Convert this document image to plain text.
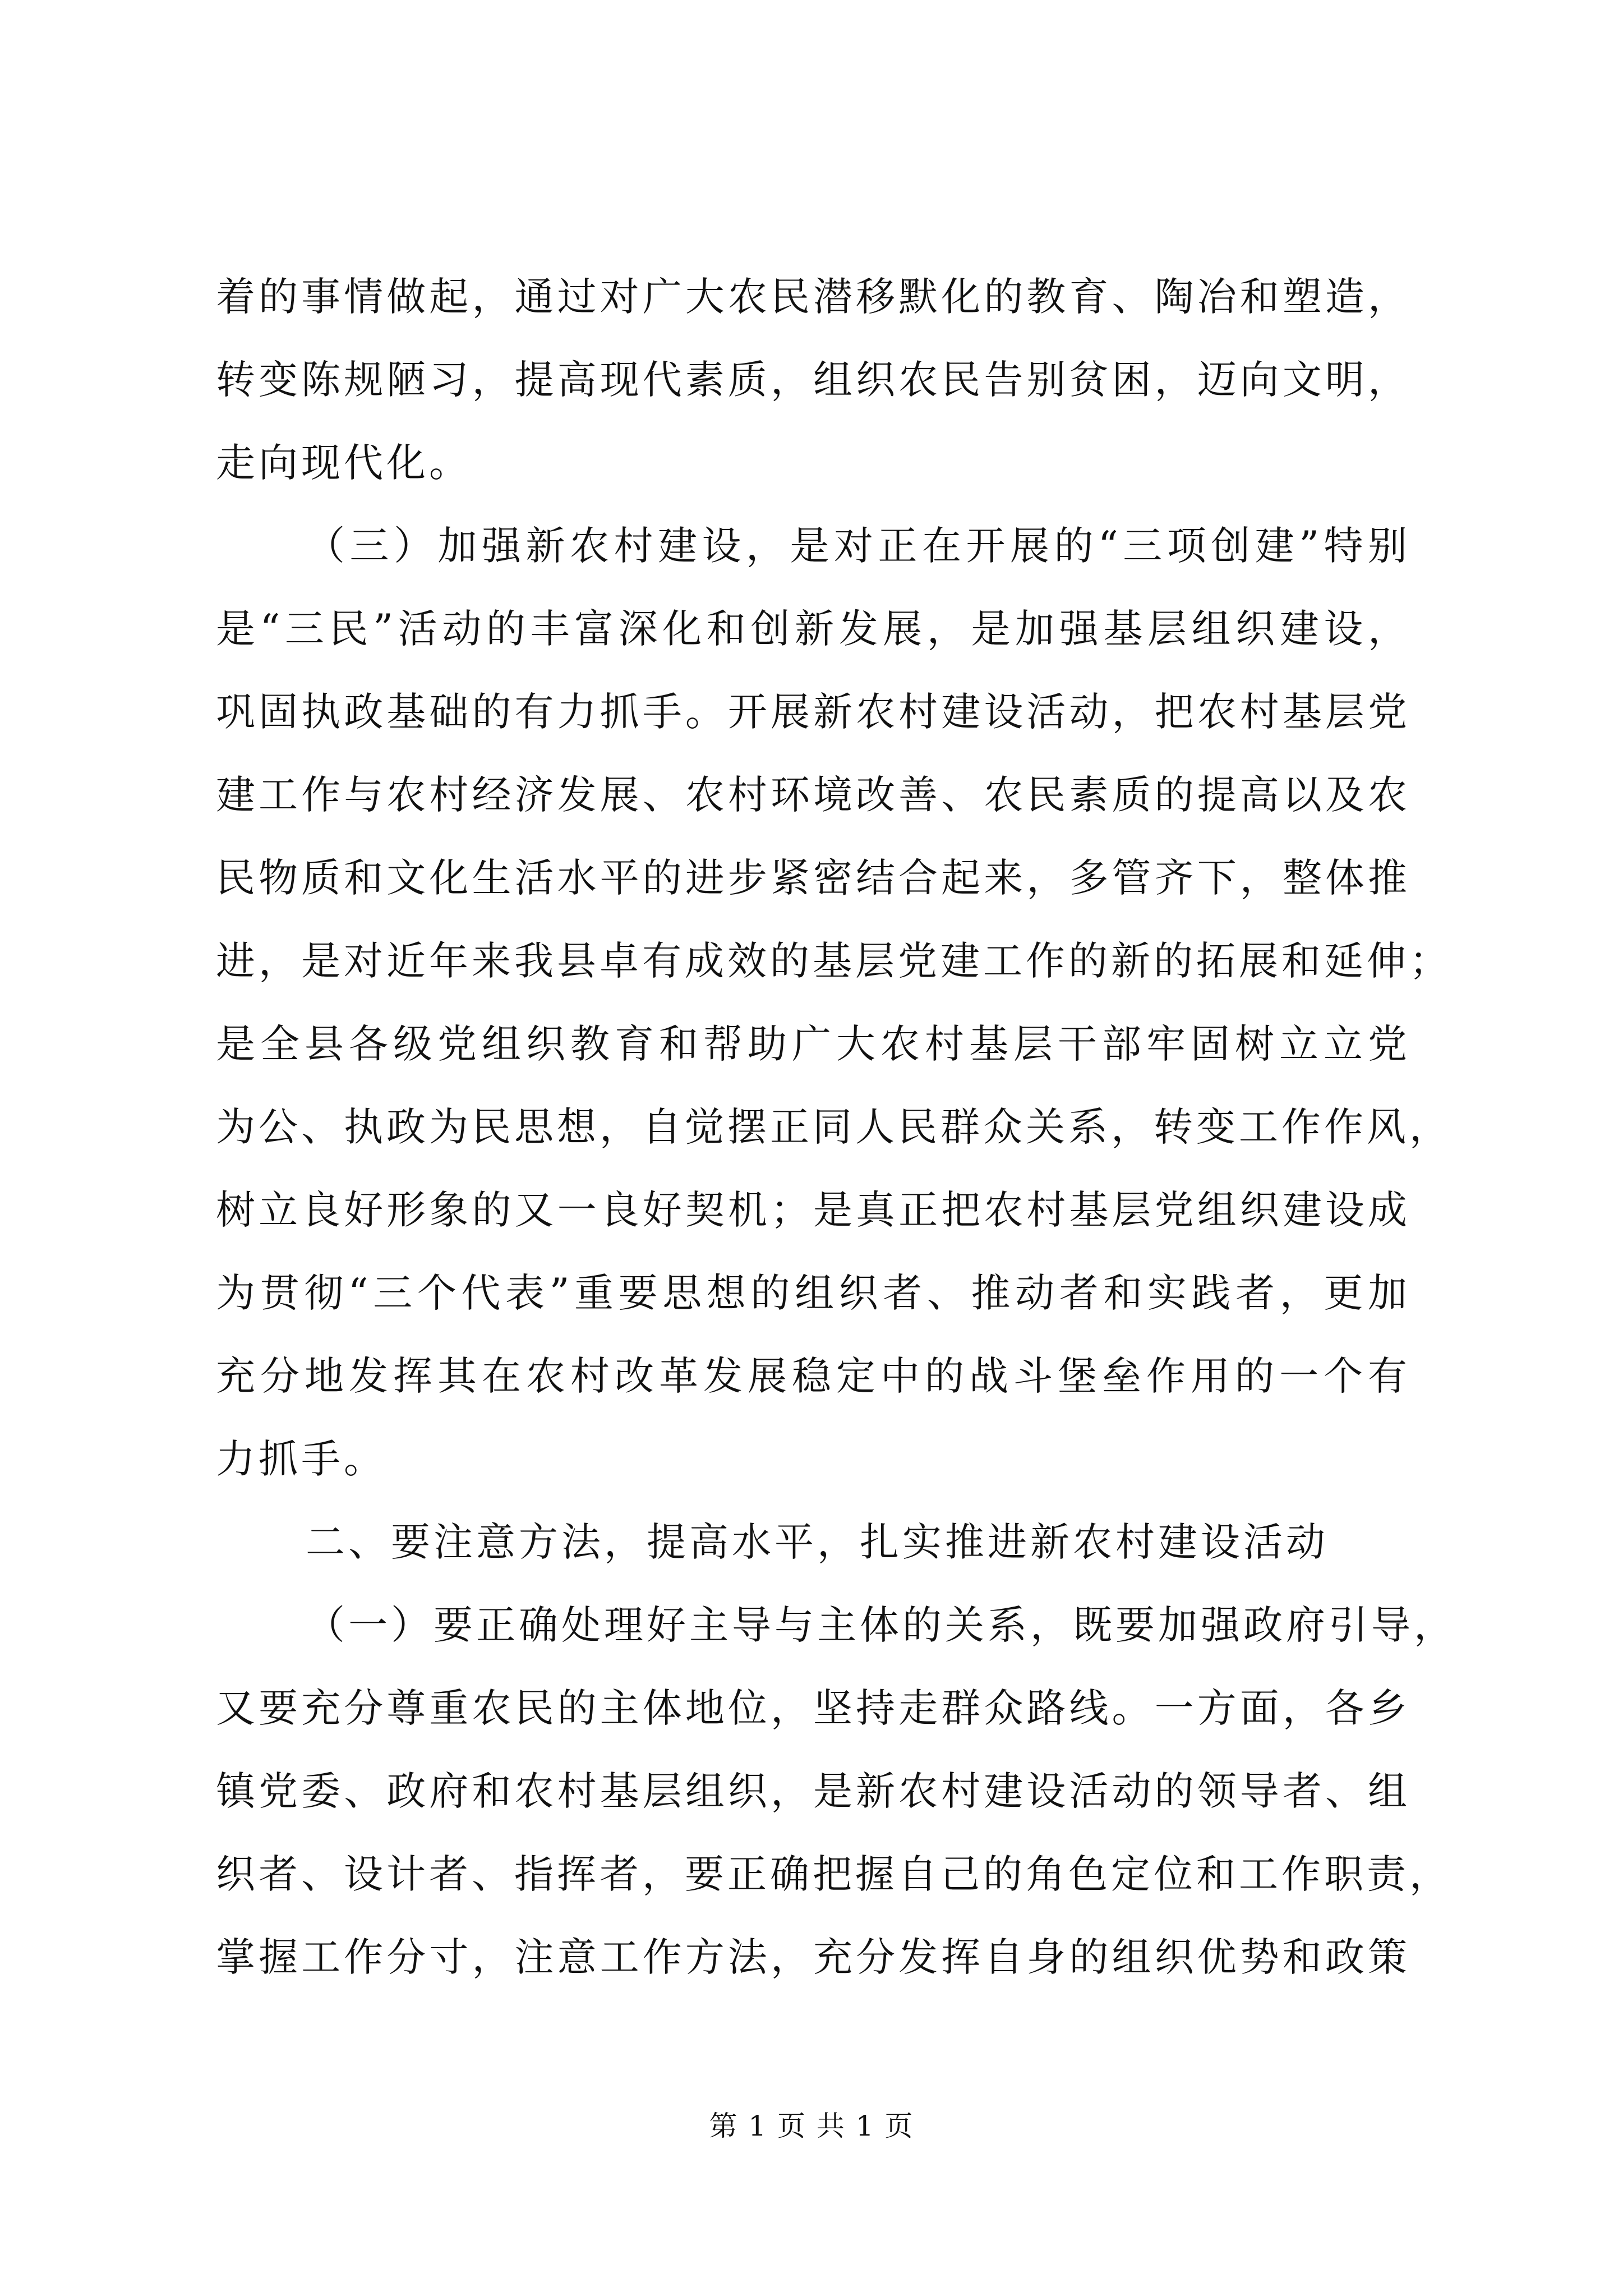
着的事情做起，通过对广大农民潜移默化的教育、陶冶和塑造，
转变陈规陋习，提高现代素质，组织农民告别贫困，迈向文明，
走向现代化。
（三）加强新农村建设，是对正在开展的“三项创建”特别
是“三民”活动的丰富深化和创新发展，是加强基层组织建设，
巩固执政基础的有力抓手。开展新农村建设活动，把农村基层党
建工作与农村经济发展、农村环境改善、农民素质的提高以及农
民物质和文化生活水平的进步紧密结合起来，多管齐下，整体推
进，是对近年来我县卓有成效的基层党建工作的新的拓展和延伸；
是全县各级党组织教育和帮助广大农村基层干部牢固树立立党
为公、执政为民思想，自觉摆正同人民群众关系，转变工作作风，
树立良好形象的又一良好契机；是真正把农村基层党组织建设成
为贯彻“三个代表”重要思想的组织者、推动者和实践者，更加
充分地发挥其在农村改革发展稳定中的战斗堡垒作用的一个有
力抓手。
二、要注意方法，提高水平，扎实推进新农村建设活动
（一）要正确处理好主导与主体的关系，既要加强政府引导，
又要充分尊重农民的主体地位，坚持走群众路线。一方面，各乡
镇党委、政府和农村基层组织，是新农村建设活动的领导者、组
织者、设计者、指挥者，要正确把握自己的角色定位和工作职责，
掌握工作分寸，注意工作方法，充分发挥自身的组织优势和政策
第 1 页 共 1 页
